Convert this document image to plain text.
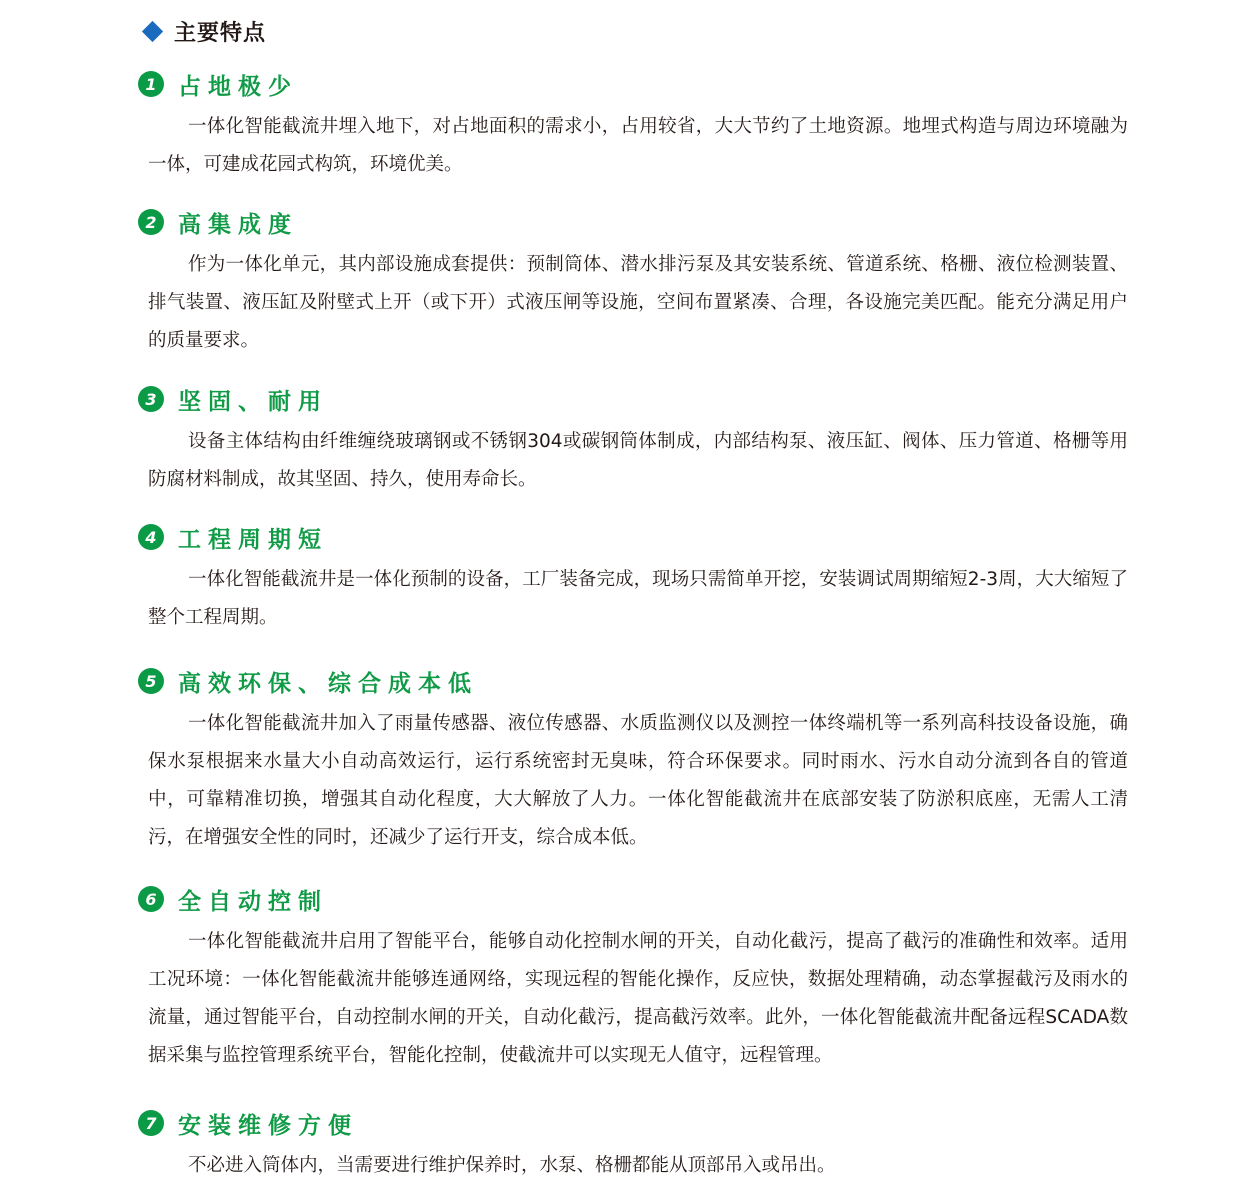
主要特点
1 占地极少
一体化智能截流井埋入地下，对占地面积的需求小，占用较省，大大节约了土地资源。地埋式构造与周边环境融为一体，可建成花园式构筑，环境优美。
2 高集成度
作为一体化单元，其内部设施成套提供：预制筒体、潜水排污泵及其安装系统、管道系统、格栅、液位检测装置、排气装置、液压缸及附壁式上开（或下开）式液压闸等设施，空间布置紧凑、合理，各设施完美匹配。能充分满足用户的质量要求。
3 坚固、耐用
设备主体结构由纤维缠绕玻璃钢或不锈钢304或碳钢筒体制成，内部结构泵、液压缸、阀体、压力管道、格栅等用防腐材料制成，故其坚固、持久，使用寿命长。
4 工程周期短
一体化智能截流井是一体化预制的设备，工厂装备完成，现场只需简单开挖，安装调试周期缩短2-3周，大大缩短了整个工程周期。
5 高效环保、综合成本低
一体化智能截流井加入了雨量传感器、液位传感器、水质监测仪以及测控一体终端机等一系列高科技设备设施，确保水泵根据来水量大小自动高效运行，运行系统密封无臭味，符合环保要求。同时雨水、污水自动分流到各自的管道中，可靠精准切换，增强其自动化程度，大大解放了人力。一体化智能截流井在底部安装了防淤积底座，无需人工清污，在增强安全性的同时，还减少了运行开支，综合成本低。
6 全自动控制
一体化智能截流井启用了智能平台，能够自动化控制水闸的开关，自动化截污，提高了截污的准确性和效率。适用工况环境：一体化智能截流井能够连通网络，实现远程的智能化操作，反应快，数据处理精确，动态掌握截污及雨水的流量，通过智能平台，自动控制水闸的开关，自动化截污，提高截污效率。此外，一体化智能截流井配备远程SCADA数据采集与监控管理系统平台，智能化控制，使截流井可以实现无人值守，远程管理。
7 安装维修方便
不必进入筒体内，当需要进行维护保养时，水泵、格栅都能从顶部吊入或吊出。
